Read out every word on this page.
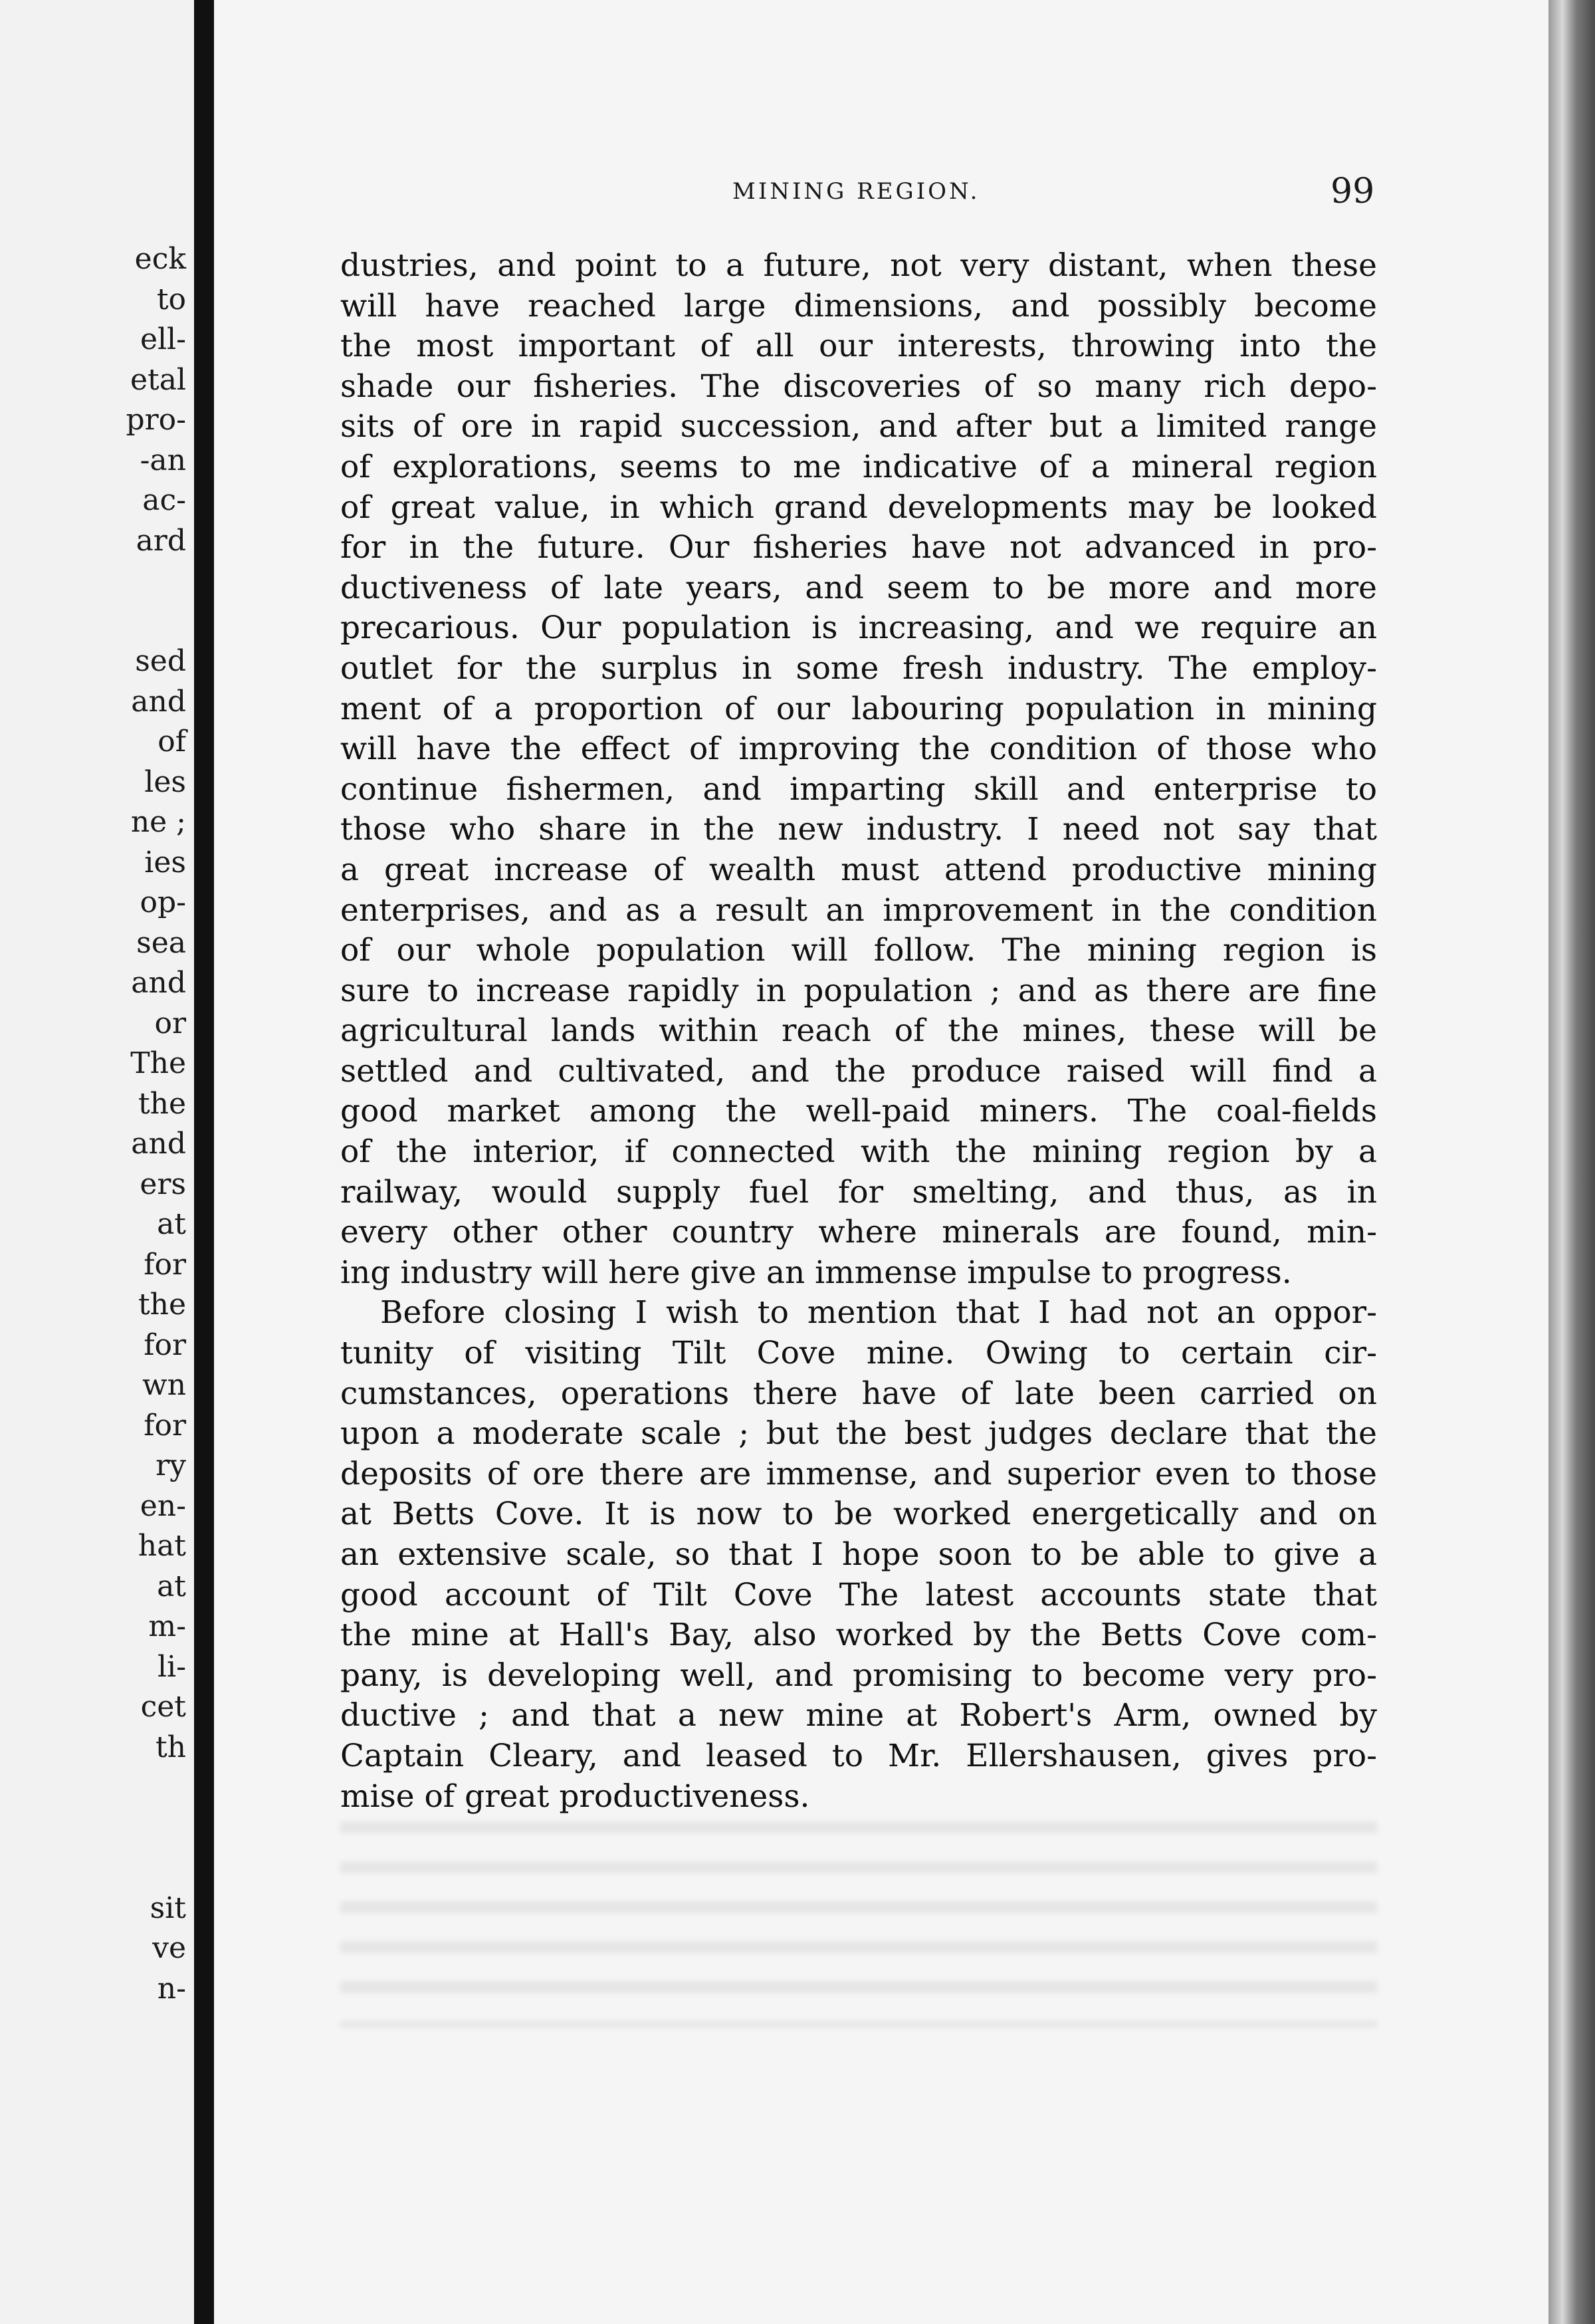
eck
to
ell-
etal
pro-
-an
ac-
ard
sed
and
of
les
ne ;
ies
op-
sea
and
or
The
the
and
ers
at
for
the
for
wn
for
ry
en-
hat
at
m-
li-
cet
th
sit
ve
n-
MINING REGION.	99
dustries, and point to a future, not very distant, when these
will have reached large dimensions, and possibly become
the most important of all our interests, throwing into the
shade our fisheries. The discoveries of so many rich depo-
sits of ore in rapid succession, and after but a limited range
of explorations, seems to me indicative of a mineral region
of great value, in which grand developments may be looked
for in the future. Our fisheries have not advanced in pro-
ductiveness of late years, and seem to be more and more
precarious. Our population is increasing, and we require an
outlet for the surplus in some fresh industry. The employ-
ment of a proportion of our labouring population in mining
will have the effect of improving the condition of those who
continue fishermen, and imparting skill and enterprise to
those who share in the new industry. I need not say that
a great increase of wealth must attend productive mining
enterprises, and as a result an improvement in the condition
of our whole population will follow. The mining region is
sure to increase rapidly in population ; and as there are fine
agricultural lands within reach of the mines, these will be
settled and cultivated, and the produce raised will find a
good market among the well-paid miners. The coal-fields
of the interior, if connected with the mining region by a
railway, would supply fuel for smelting, and thus, as in
every other other country where minerals are found, min-
ing industry will here give an immense impulse to progress.
Before closing I wish to mention that I had not an oppor-
tunity of visiting Tilt Cove mine. Owing to certain cir-
cumstances, operations there have of late been carried on
upon a moderate scale ; but the best judges declare that the
deposits of ore there are immense, and superior even to those
at Betts Cove. It is now to be worked energetically and on
an extensive scale, so that I hope soon to be able to give a
good account of Tilt Cove The latest accounts state that
the mine at Hall's Bay, also worked by the Betts Cove com-
pany, is developing well, and promising to become very pro-
ductive ; and that a new mine at Robert's Arm, owned by
Captain Cleary, and leased to Mr. Ellershausen, gives pro-
mise of great productiveness.
